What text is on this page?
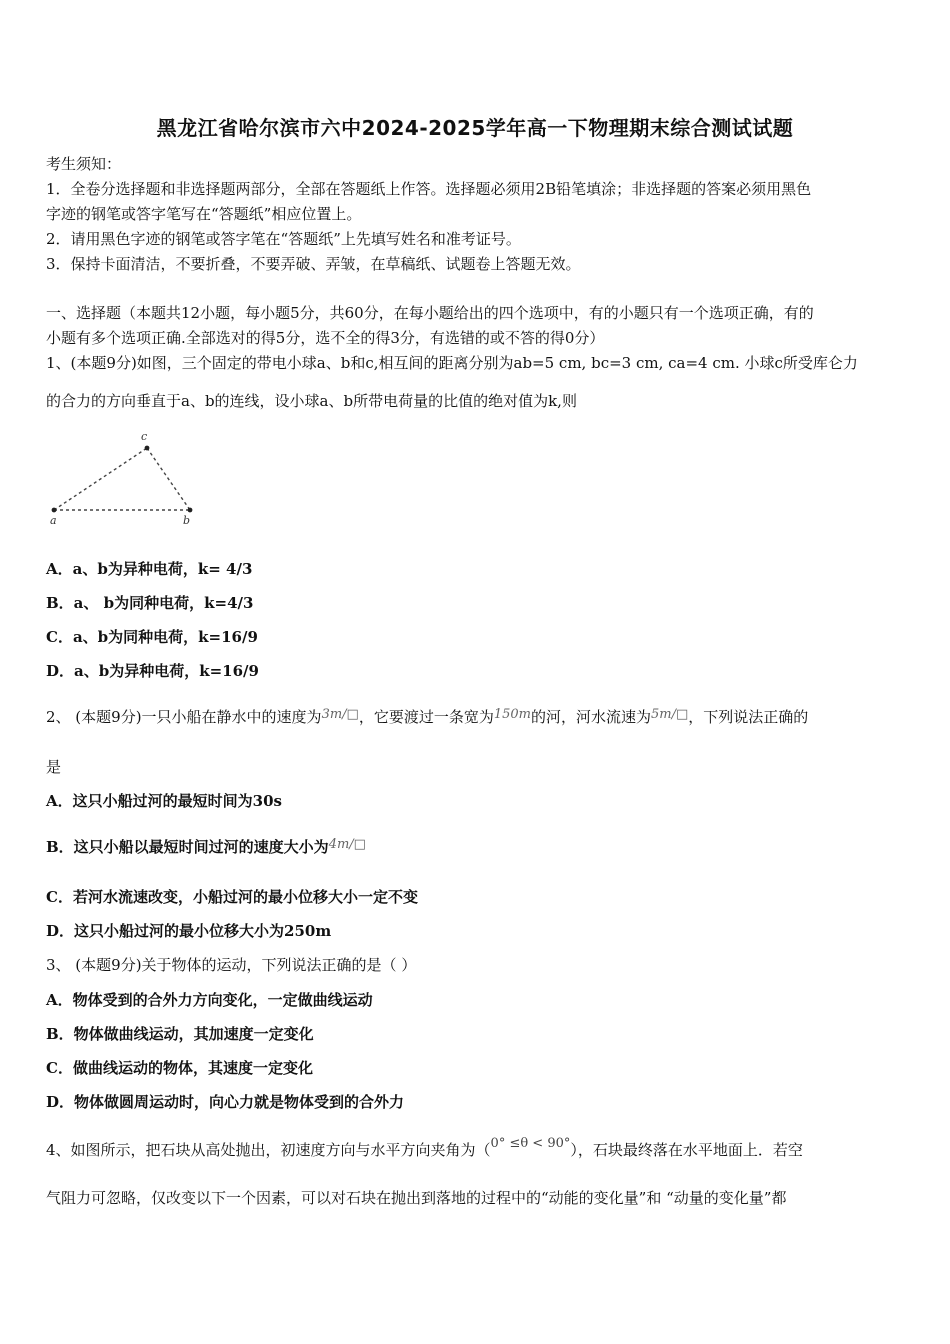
黑龙江省哈尔滨市六中2024-2025学年高一下物理期末综合测试试题
考生须知：
1．全卷分选择题和非选择题两部分，全部在答题纸上作答。选择题必须用2B铅笔填涂；非选择题的答案必须用黑色
字迹的钢笔或答字笔写在“答题纸”相应位置上。
2．请用黑色字迹的钢笔或答字笔在“答题纸”上先填写姓名和准考证号。
3．保持卡面清洁，不要折叠，不要弄破、弄皱，在草稿纸、试题卷上答题无效。
一、选择题（本题共12小题，每小题5分，共60分，在每小题给出的四个选项中，有的小题只有一个选项正确，有的
小题有多个选项正确.全部选对的得5分，选不全的得3分，有选错的或不答的得0分）
1、(本题9分)如图，三个固定的带电小球a、b和c,相互间的距离分别为ab=5 cm, bc=3 cm, ca=4 cm. 小球c所受库仑力
的合力的方向垂直于a、b的连线，设小球a、b所带电荷量的比值的绝对值为k,则
a	b
c
A．a、b为异种电荷，k= 4/3
B．a、 b为同种电荷，k=4/3
C．a、b为同种电荷，k=16/9
D．a、b为异种电荷，k=16/9
2、 (本题9分)一只小船在静水中的速度为3m/□，它要渡过一条宽为150m的河，河水流速为5m/□，下列说法正确的
是
A．这只小船过河的最短时间为30s
B．这只小船以最短时间过河的速度大小为4m/□
C．若河水流速改变，小船过河的最小位移大小一定不变
D．这只小船过河的最小位移大小为250m
3、 (本题9分)关于物体的运动，下列说法正确的是（ ）
A．物体受到的合外力方向变化，一定做曲线运动
B．物体做曲线运动，其加速度一定变化
C．做曲线运动的物体，其速度一定变化
D．物体做圆周运动时，向心力就是物体受到的合外力
4、如图所示，把石块从高处抛出，初速度方向与水平方向夹角为（0° ≤θ < 90°），石块最终落在水平地面上．若空
气阻力可忽略，仅改变以下一个因素，可以对石块在抛出到落地的过程中的“动能的变化量”和 “动量的变化量”都
